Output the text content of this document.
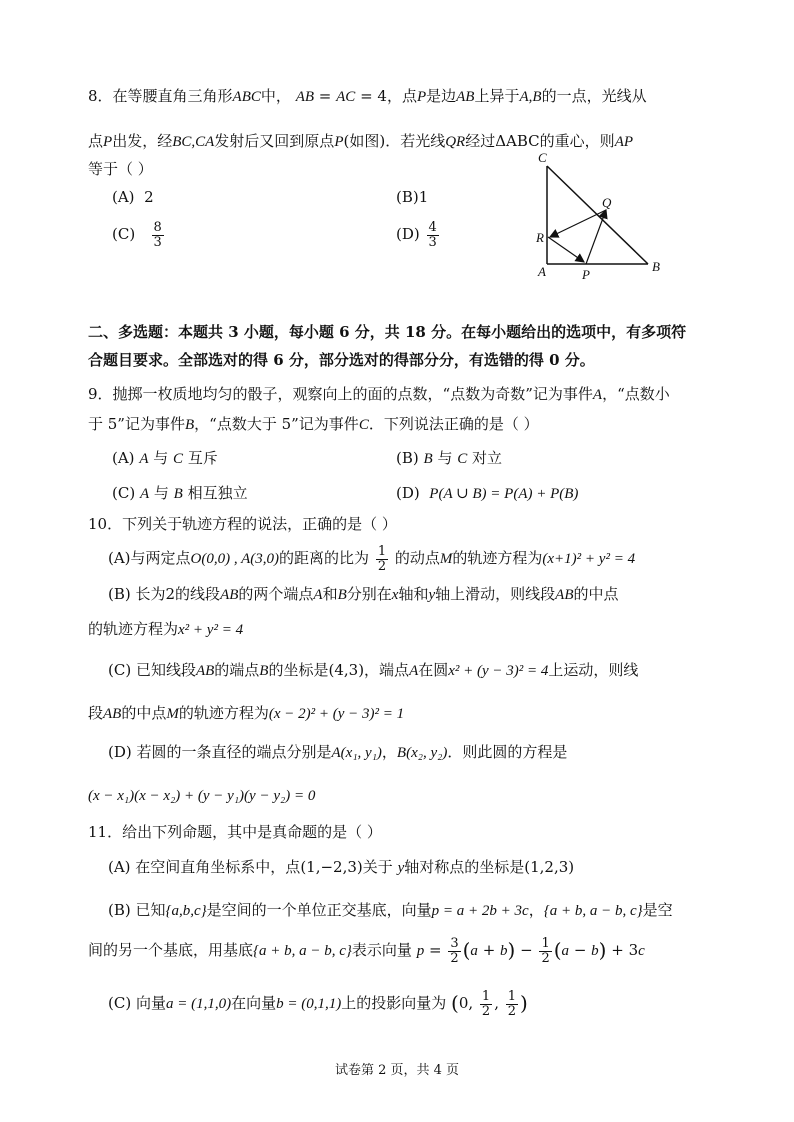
8．在等腰直角三角形ABC中， AB = AC = 4，点P是边AB上异于A,B的一点，光线从
点P出发，经BC,CA发射后又回到原点P(如图)．若光线QR经过ΔABC的重心，则AP
等于（ ）
(A) 2	(B)1
$(C) \frac{8}{3}$	$(D) \frac{4}{3}$
C
A	B
P
Q
R
二、多选题：本题共 3 小题，每小题 6 分，共 18 分。在每小题给出的选项中，有多项符
合题目要求。全部选对的得 6 分，部分选对的得部分分，有选错的得 0 分。
9．抛掷一枚质地均匀的骰子，观察向上的面的点数，“点数为奇数”记为事件A，“点数小
于 5”记为事件B，“点数大于 5”记为事件C．下列说法正确的是（ ）
(A) A 与 C 互斥	(B) B 与 C 对立
(C) A 与 B 相互独立	(D) P(A ∪ B) = P(A) + P(B)
10．下列关于轨迹方程的说法，正确的是（ ）
(A)与两定点O(0,0) , A(3,0)的距离的比为 $\frac{1}{2}$ 的动点M的轨迹方程为(x+1)² + y² = 4
(B) 长为2的线段AB的两个端点A和B分别在x轴和y轴上滑动，则线段AB的中点
的轨迹方程为x² + y² = 4
(C) 已知线段AB的端点B的坐标是(4,3)，端点A在圆x² + (y − 3)² = 4上运动，则线
段AB的中点M的轨迹方程为(x − 2)² + (y − 3)² = 1
(D) 若圆的一条直径的端点分别是A(x₁, y₁)，B(x₂, y₂)．则此圆的方程是
(x − x₁)(x − x₂) + (y − y₁)(y − y₂) = 0
11．给出下列命题，其中是真命题的是（ ）
(A) 在空间直角坐标系中，点(1,−2,3)关于 y轴对称点的坐标是(1,2,3)
(B) 已知{a,b,c}是空间的一个单位正交基底，向量p = a + 2b + 3c，{a + b, a − b, c}是空
间的另一个基底，用基底{a + b, a − b, c}表示向量 $p = \frac{3}{2} (a + b) - \frac{1}{2} (a - b) + 3c$
(C) 向量a = (1,1,0)在向量b = (0,1,1)上的投影向量为 (0, $\frac{1}{2}$ , $\frac{1}{2}$ )
试卷第 2 页，共 4 页
